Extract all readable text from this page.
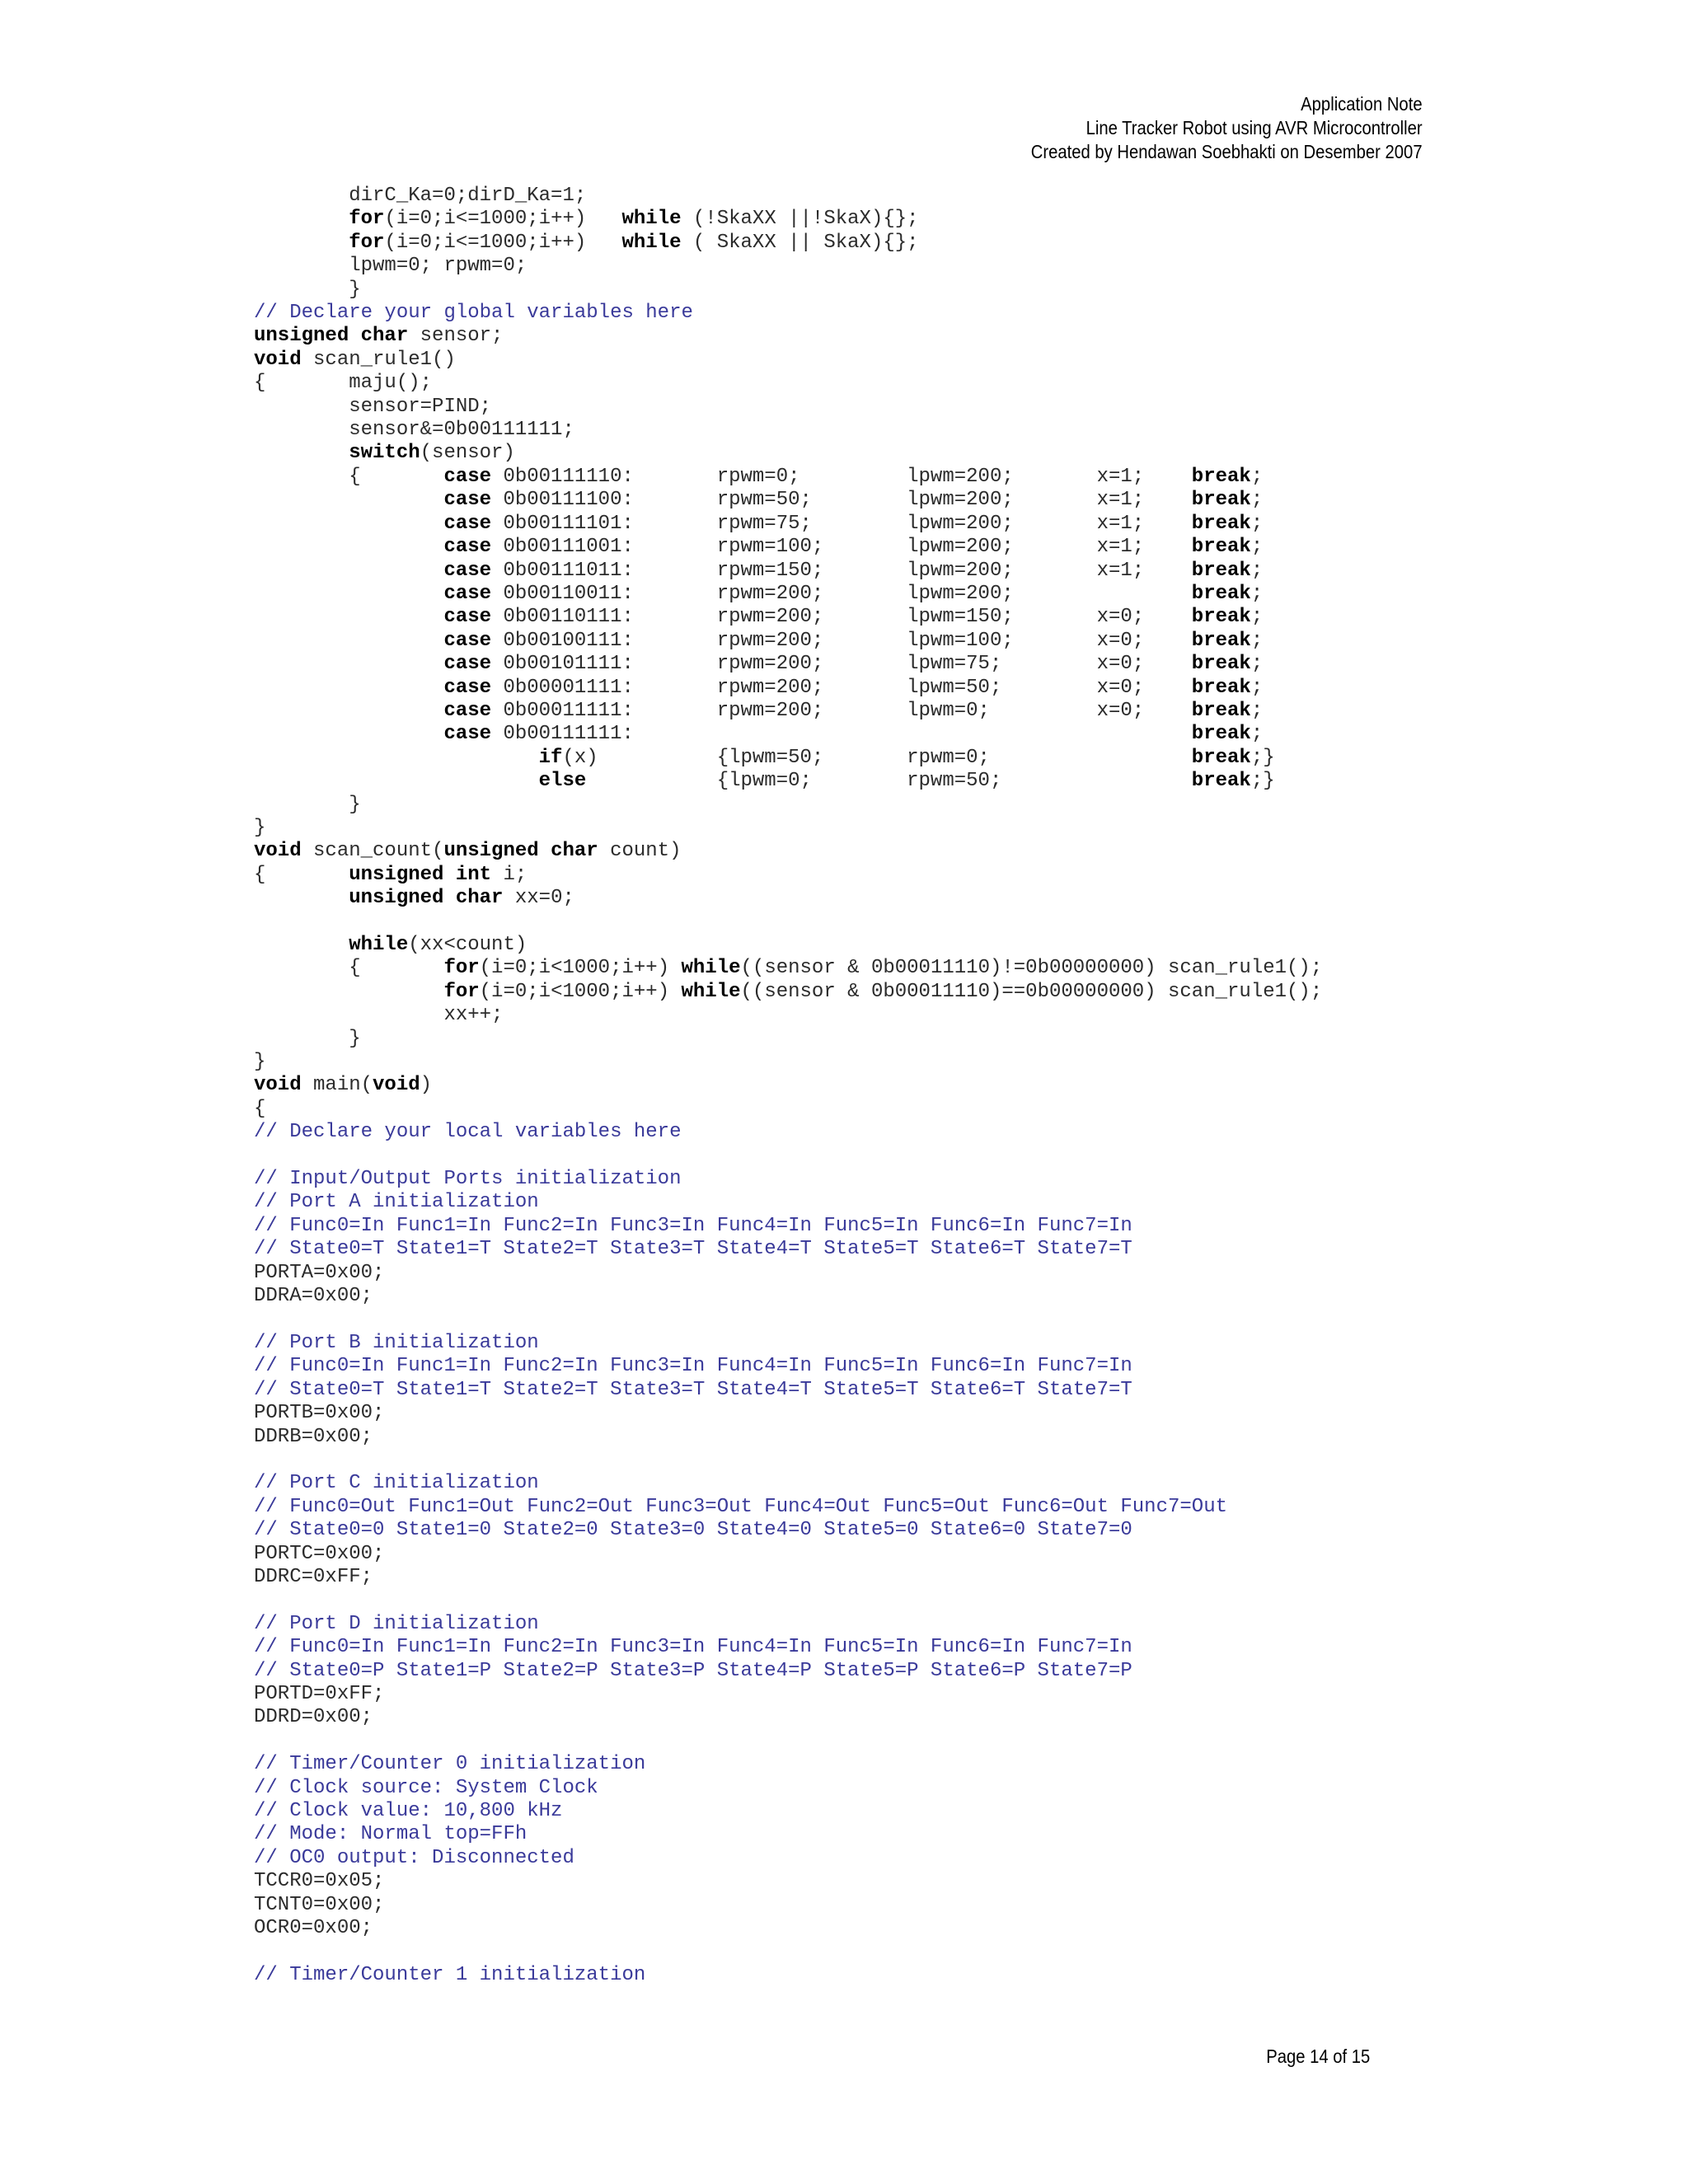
Application Note
Line Tracker Robot using AVR Microcontroller
Created by Hendawan Soebhakti on Desember 2007
dirC_Ka=0;dirD_Ka=1;
for(i=0;i<=1000;i++)   while (!SkaXX ||!SkaX){};
for(i=0;i<=1000;i++)   while ( SkaXX || SkaX){};
lpwm=0; rpwm=0;
}
// Declare your global variables here
unsigned char sensor;
void scan_rule1()
{       maju();
sensor=PIND;
sensor&=0b00111111;
switch(sensor)
{       case 0b00111110:       rpwm=0;         lpwm=200;       x=1;    break;
case 0b00111100:       rpwm=50;        lpwm=200;       x=1;    break;
case 0b00111101:       rpwm=75;        lpwm=200;       x=1;    break;
case 0b00111001:       rpwm=100;       lpwm=200;       x=1;    break;
case 0b00111011:       rpwm=150;       lpwm=200;       x=1;    break;
case 0b00110011:       rpwm=200;       lpwm=200;               break;
case 0b00110111:       rpwm=200;       lpwm=150;       x=0;    break;
case 0b00100111:       rpwm=200;       lpwm=100;       x=0;    break;
case 0b00101111:       rpwm=200;       lpwm=75;        x=0;    break;
case 0b00001111:       rpwm=200;       lpwm=50;        x=0;    break;
case 0b00011111:       rpwm=200;       lpwm=0;         x=0;    break;
case 0b00111111:                                               break;
if(x)          {lpwm=50;       rpwm=0;                 break;}
else           {lpwm=0;        rpwm=50;                break;}
}
}
void scan_count(unsigned char count)
{       unsigned int i;
unsigned char xx=0;

while(xx<count)
{       for(i=0;i<1000;i++) while((sensor & 0b00011110)!=0b00000000) scan_rule1();
for(i=0;i<1000;i++) while((sensor & 0b00011110)==0b00000000) scan_rule1();
xx++;
}
}
void main(void)
{
// Declare your local variables here

// Input/Output Ports initialization
// Port A initialization
// Func0=In Func1=In Func2=In Func3=In Func4=In Func5=In Func6=In Func7=In
// State0=T State1=T State2=T State3=T State4=T State5=T State6=T State7=T
PORTA=0x00;
DDRA=0x00;

// Port B initialization
// Func0=In Func1=In Func2=In Func3=In Func4=In Func5=In Func6=In Func7=In
// State0=T State1=T State2=T State3=T State4=T State5=T State6=T State7=T
PORTB=0x00;
DDRB=0x00;

// Port C initialization
// Func0=Out Func1=Out Func2=Out Func3=Out Func4=Out Func5=Out Func6=Out Func7=Out
// State0=0 State1=0 State2=0 State3=0 State4=0 State5=0 State6=0 State7=0
PORTC=0x00;
DDRC=0xFF;

// Port D initialization
// Func0=In Func1=In Func2=In Func3=In Func4=In Func5=In Func6=In Func7=In
// State0=P State1=P State2=P State3=P State4=P State5=P State6=P State7=P
PORTD=0xFF;
DDRD=0x00;

// Timer/Counter 0 initialization
// Clock source: System Clock
// Clock value: 10,800 kHz
// Mode: Normal top=FFh
// OC0 output: Disconnected
TCCR0=0x05;
TCNT0=0x00;
OCR0=0x00;

// Timer/Counter 1 initialization
Page 14 of 15
